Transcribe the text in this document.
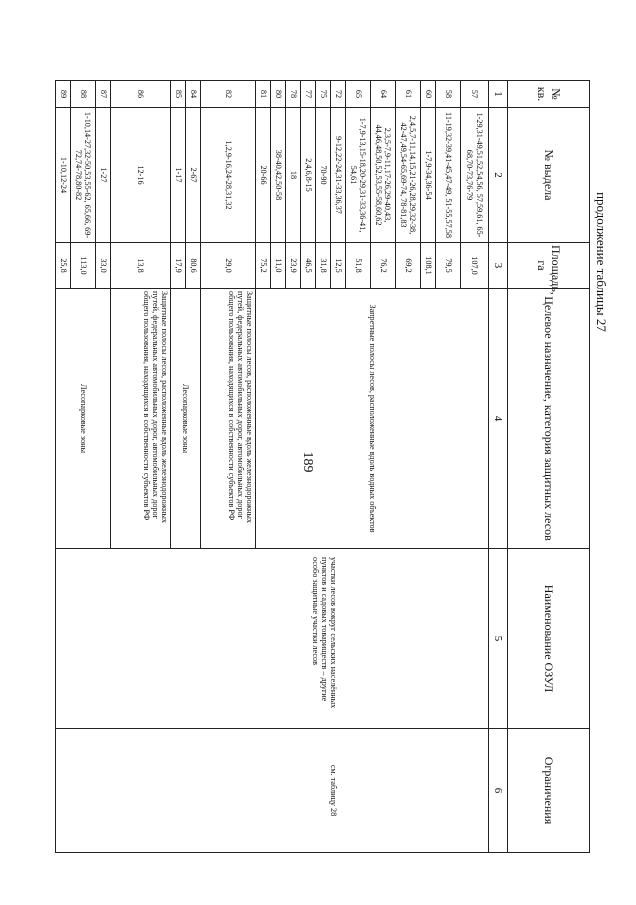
189
продолжение таблицы 27
№ кв.	№ выдела	Площадь, га	Целевое назначение, категория защитных лесов	Наименование ОЗУЛ	Ограничения
1	2	3	4	5	6
57	1-29,31-49,51,52,54,56, 57,59,61, 65-68,70-73,76-79	107,0	Запретные полосы лесов, расположенные вдоль водных объектов	участки лесов вокруг сельских населённых пунктов и садовых товариществ – другие особо защитные участки лесов	см. таблицу 28
58	11-19,32-39,41-45,47-49, 51-55,57,58	79,5			
60	1-7,9-34,36-54	108,1			
61	2,4,5,7-11,14,15,21-26,28,29,32-38, 42-47,49,54-65,69-74, 78-81,83	69,2			
64	2,3,5-7,9-11,17-26,29-40,43, 44,46,48,50,52,53,55-58,60,62	76,2			
65	1-7,9-13,15-18,20-29,31-33,36-41, 54,61	51,8			
72	9-12,22-24,31-33,36,37	12,5			
75	70-90	31,8			
77	2,4,6,8-15	46,5			
78	18	23,9			
80	38-40,42,50-58	11,0			
81	20-66	75,2			
82	1,2,9-16,24-28,31,32	29,0	Защитные полосы лесов, расположенные вдоль железнодорожных путей, федеральных автомобильных дорог, автомобильных дорог общего пользования, находящихся в собственности субъектов РФ		
84	2-67	80,6	Лесопарковые зоны		
85	1-17	17,9			
86	12-16	13,8	Защитные полосы лесов, расположенные вдоль железнодорожных путей, федеральных автомобильных дорог, автомобильных дорог общего пользования, находящихся в собственности субъектов РФ		
87	1-27	33,0	Лесопарковые зоны		
88	1-10,14-27,32-50,53,55-62, 65,66, 69-72,74-78,80-82	113,0			
89	1-10,12-24	25,8			
